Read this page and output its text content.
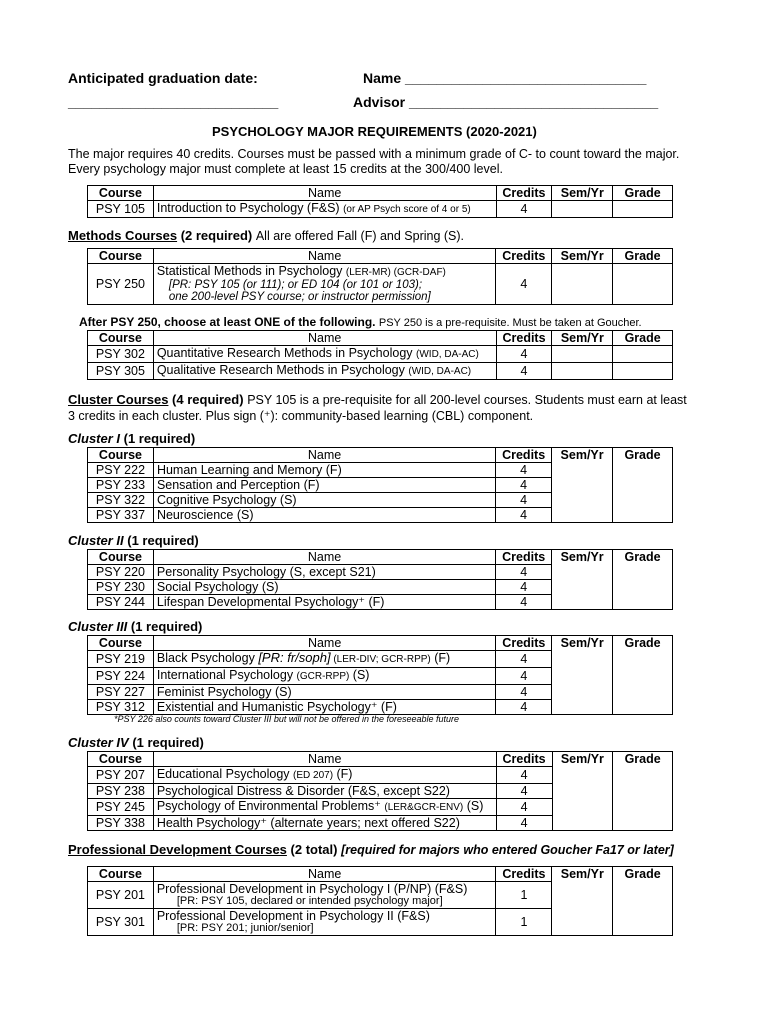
Anticipated graduation date:	Name _______________________________
___________________________	Advisor ________________________________
PSYCHOLOGY MAJOR REQUIREMENTS (2020-2021)
The major requires 40 credits. Courses must be passed with a minimum grade of C- to count toward the major.
Every psychology major must complete at least 15 credits at the 300/400 level.
Course	Name	Credits	Sem/Yr	Grade
PSY 105	Introduction to Psychology (F&S) (or AP Psych score of 4 or 5)	4		
Methods Courses (2 required) All are offered Fall (F) and Spring (S).
Course	Name	Credits	Sem/Yr	Grade
PSY 250	Statistical Methods in Psychology (LER-MR) (GCR-DAF)
[PR: PSY 105 (or 111); or ED 104 (or 101 or 103);
one 200-level PSY course; or instructor permission]	4		
After PSY 250, choose at least ONE of the following. PSY 250 is a pre-requisite. Must be taken at Goucher.
Course	Name	Credits	Sem/Yr	Grade
PSY 302	Quantitative Research Methods in Psychology (WID, DA-AC)	4		
PSY 305	Qualitative Research Methods in Psychology (WID, DA-AC)	4		
Cluster Courses (4 required) PSY 105 is a pre-requisite for all 200-level courses. Students must earn at least
3 credits in each cluster. Plus sign (⁺): community-based learning (CBL) component.
Cluster I (1 required)
Course	Name	Credits	Sem/Yr	Grade
PSY 222	Human Learning and Memory (F)	4		
PSY 233	Sensation and Perception (F)	4		
PSY 322	Cognitive Psychology (S)	4		
PSY 337	Neuroscience (S)	4		
Cluster II (1 required)
Course	Name	Credits	Sem/Yr	Grade
PSY 220	Personality Psychology (S, except S21)	4		
PSY 230	Social Psychology (S)	4		
PSY 244	Lifespan Developmental Psychology⁺ (F)	4		
Cluster III (1 required)
Course	Name	Credits	Sem/Yr	Grade
PSY 219	Black Psychology [PR: fr/soph] (LER-DIV; GCR-RPP) (F)	4		
PSY 224	International Psychology (GCR-RPP) (S)	4		
PSY 227	Feminist Psychology (S)	4		
PSY 312	Existential and Humanistic Psychology⁺ (F)	4		
*PSY 226 also counts toward Cluster III but will not be offered in the foreseeable future
Cluster IV (1 required)
Course	Name	Credits	Sem/Yr	Grade
PSY 207	Educational Psychology (ED 207) (F)	4		
PSY 238	Psychological Distress & Disorder (F&S, except S22)	4		
PSY 245	Psychology of Environmental Problems⁺ (LER&GCR-ENV) (S)	4		
PSY 338	Health Psychology⁺ (alternate years; next offered S22)	4		
Professional Development Courses (2 total) [required for majors who entered Goucher Fa17 or later]
Course	Name	Credits	Sem/Yr	Grade
PSY 201	Professional Development in Psychology I (P/NP) (F&S)
[PR: PSY 105, declared or intended psychology major]	1		
PSY 301	Professional Development in Psychology II (F&S)
[PR: PSY 201; junior/senior]	1		
